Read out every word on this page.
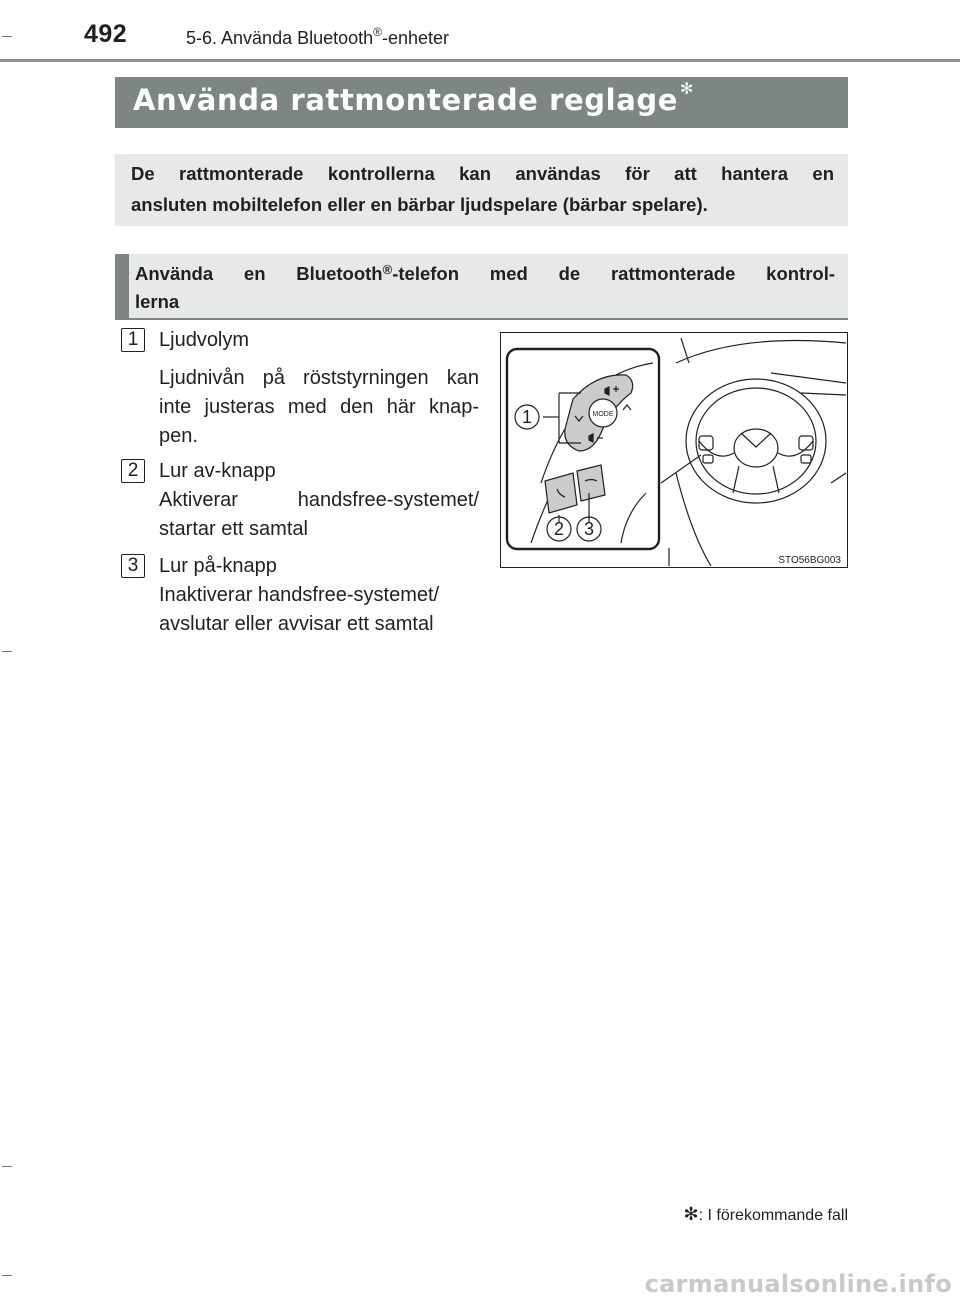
492	5-6. Använda Bluetooth®-enheter
Använda rattmonterade reglage ✻

De rattmonterade kontrollerna kan användas för att hantera en

ansluten mobiltelefon eller en bärbar ljudspelare (bärbar spelare).

Använda en Bluetooth®-telefon med de rattmonterade kontrol-
lerna
1	Ljudvolym
Ljudnivån på röststyrningen kan
inte justeras med den här knap-
pen.
2	Lur av-knapp
Aktiverar handsfree-systemet/
startar ett samtal
3	Lur på-knapp
Inaktiverar handsfree-systemet/
avslutar eller avvisar ett samtal
MODE
1
2 3
STO56BG003
✻: I förekommande fall
carmanualsonline.info
